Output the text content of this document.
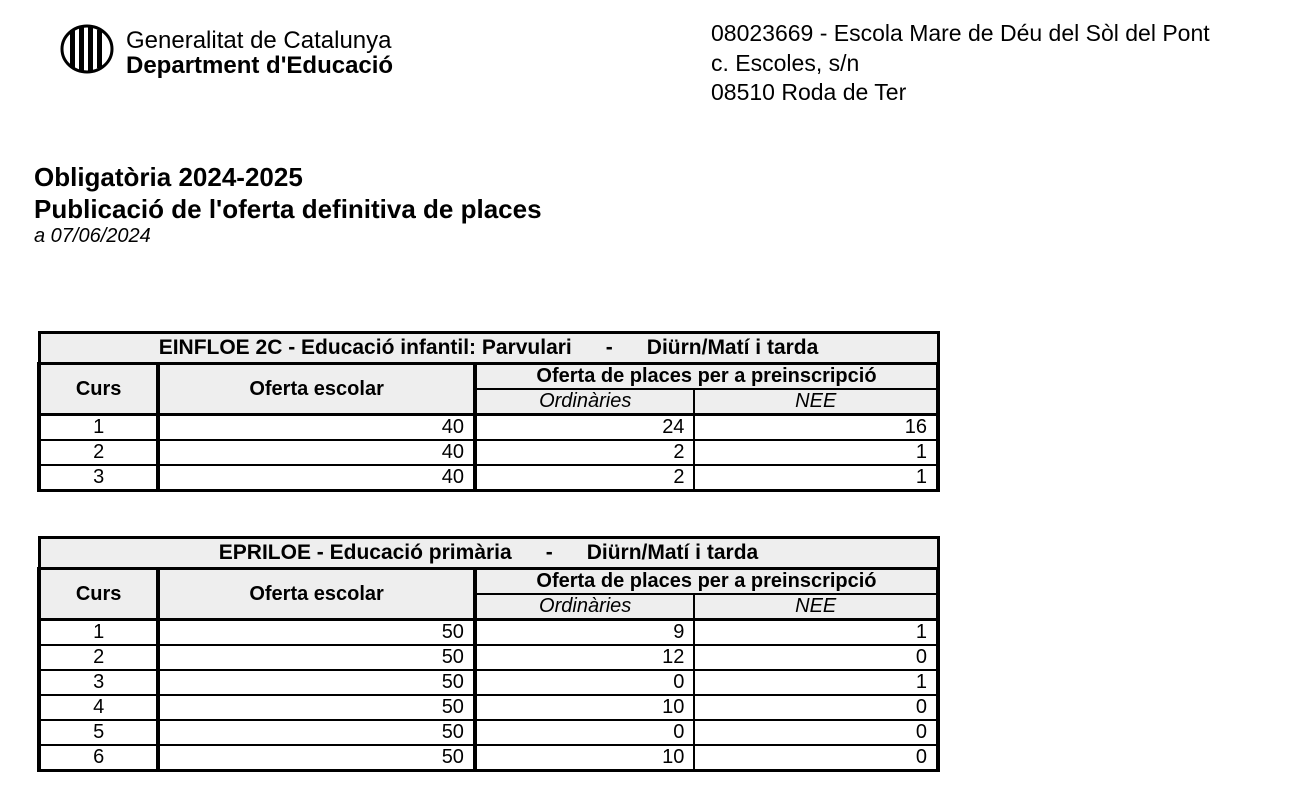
Generalitat de Catalunya
Department d'Educació
08023669 - Escola Mare de Déu del Sòl del Pont
c. Escoles, s/n
08510 Roda de Ter
Obligatòria 2024-2025
Publicació de l'oferta definitiva de places
a 07/06/2024
EINFLOE 2C - Educació infantil: Parvulari - Diürn/Matí i tarda			
Curs	Oferta escolar	Oferta de places per a preinscripció	
		Ordinàries	NEE
1	40	24	16
2	40	2	1
3	40	2	1
EPRILOE - Educació primària - Diürn/Matí i tarda			
Curs	Oferta escolar	Oferta de places per a preinscripció	
		Ordinàries	NEE
1	50	9	1
2	50	12	0
3	50	0	1
4	50	10	0
5	50	0	0
6	50	10	0
